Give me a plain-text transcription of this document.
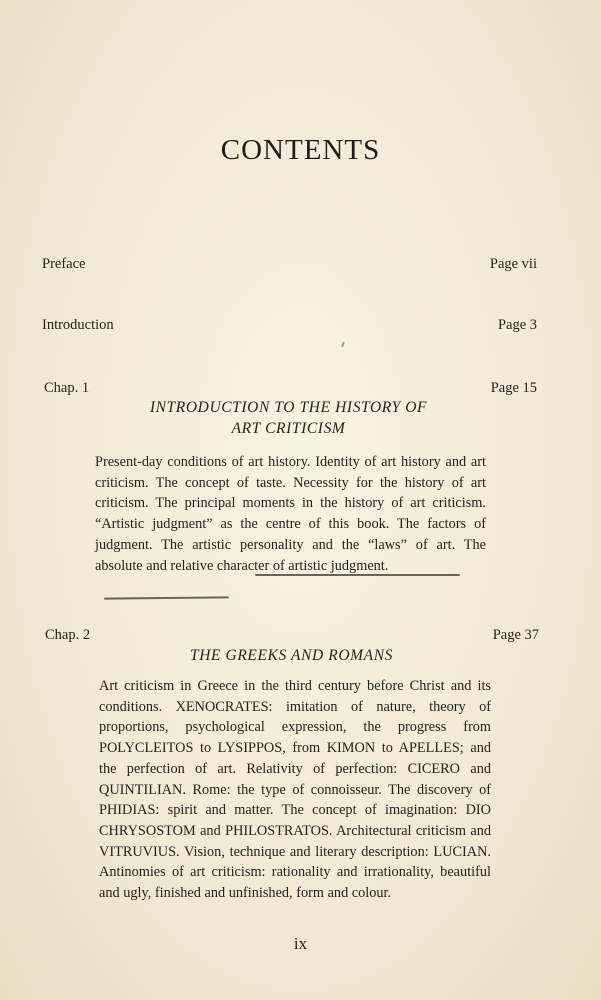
CONTENTS
Preface	Page vii
Introduction	Page 3
Chap. 1	Page 15
INTRODUCTION TO THE HISTORY OF
ART CRITICISM
Present-day conditions of art history. Identity of art history and art criticism. The concept of taste. Necessity for the history of art criticism. The principal moments in the history of art criticism. “Artistic judgment” as the centre of this book. The factors of judgment. The artistic personality and the “laws” of art. The absolute and relative character of artistic judgment.
Chap. 2	Page 37
THE GREEKS AND ROMANS
Art criticism in Greece in the third century before Christ and its conditions. XENOCRATES: imitation of nature, theory of proportions, psychological expression, the progress from POLYCLEITOS to LYSIPPOS, from KIMON to APELLES; and the perfection of art. Relativity of perfection: CICERO and QUINTILIAN. Rome: the type of connoisseur. The discovery of PHIDIAS: spirit and matter. The concept of imagination: DIO CHRYSOSTOM and PHILOSTRATOS. Architectural criticism and VITRUVIUS. Vision, technique and literary description: LUCIAN. Antinomies of art criticism: rationality and irrationality, beautiful and ugly, finished and unfinished, form and colour.
ix
